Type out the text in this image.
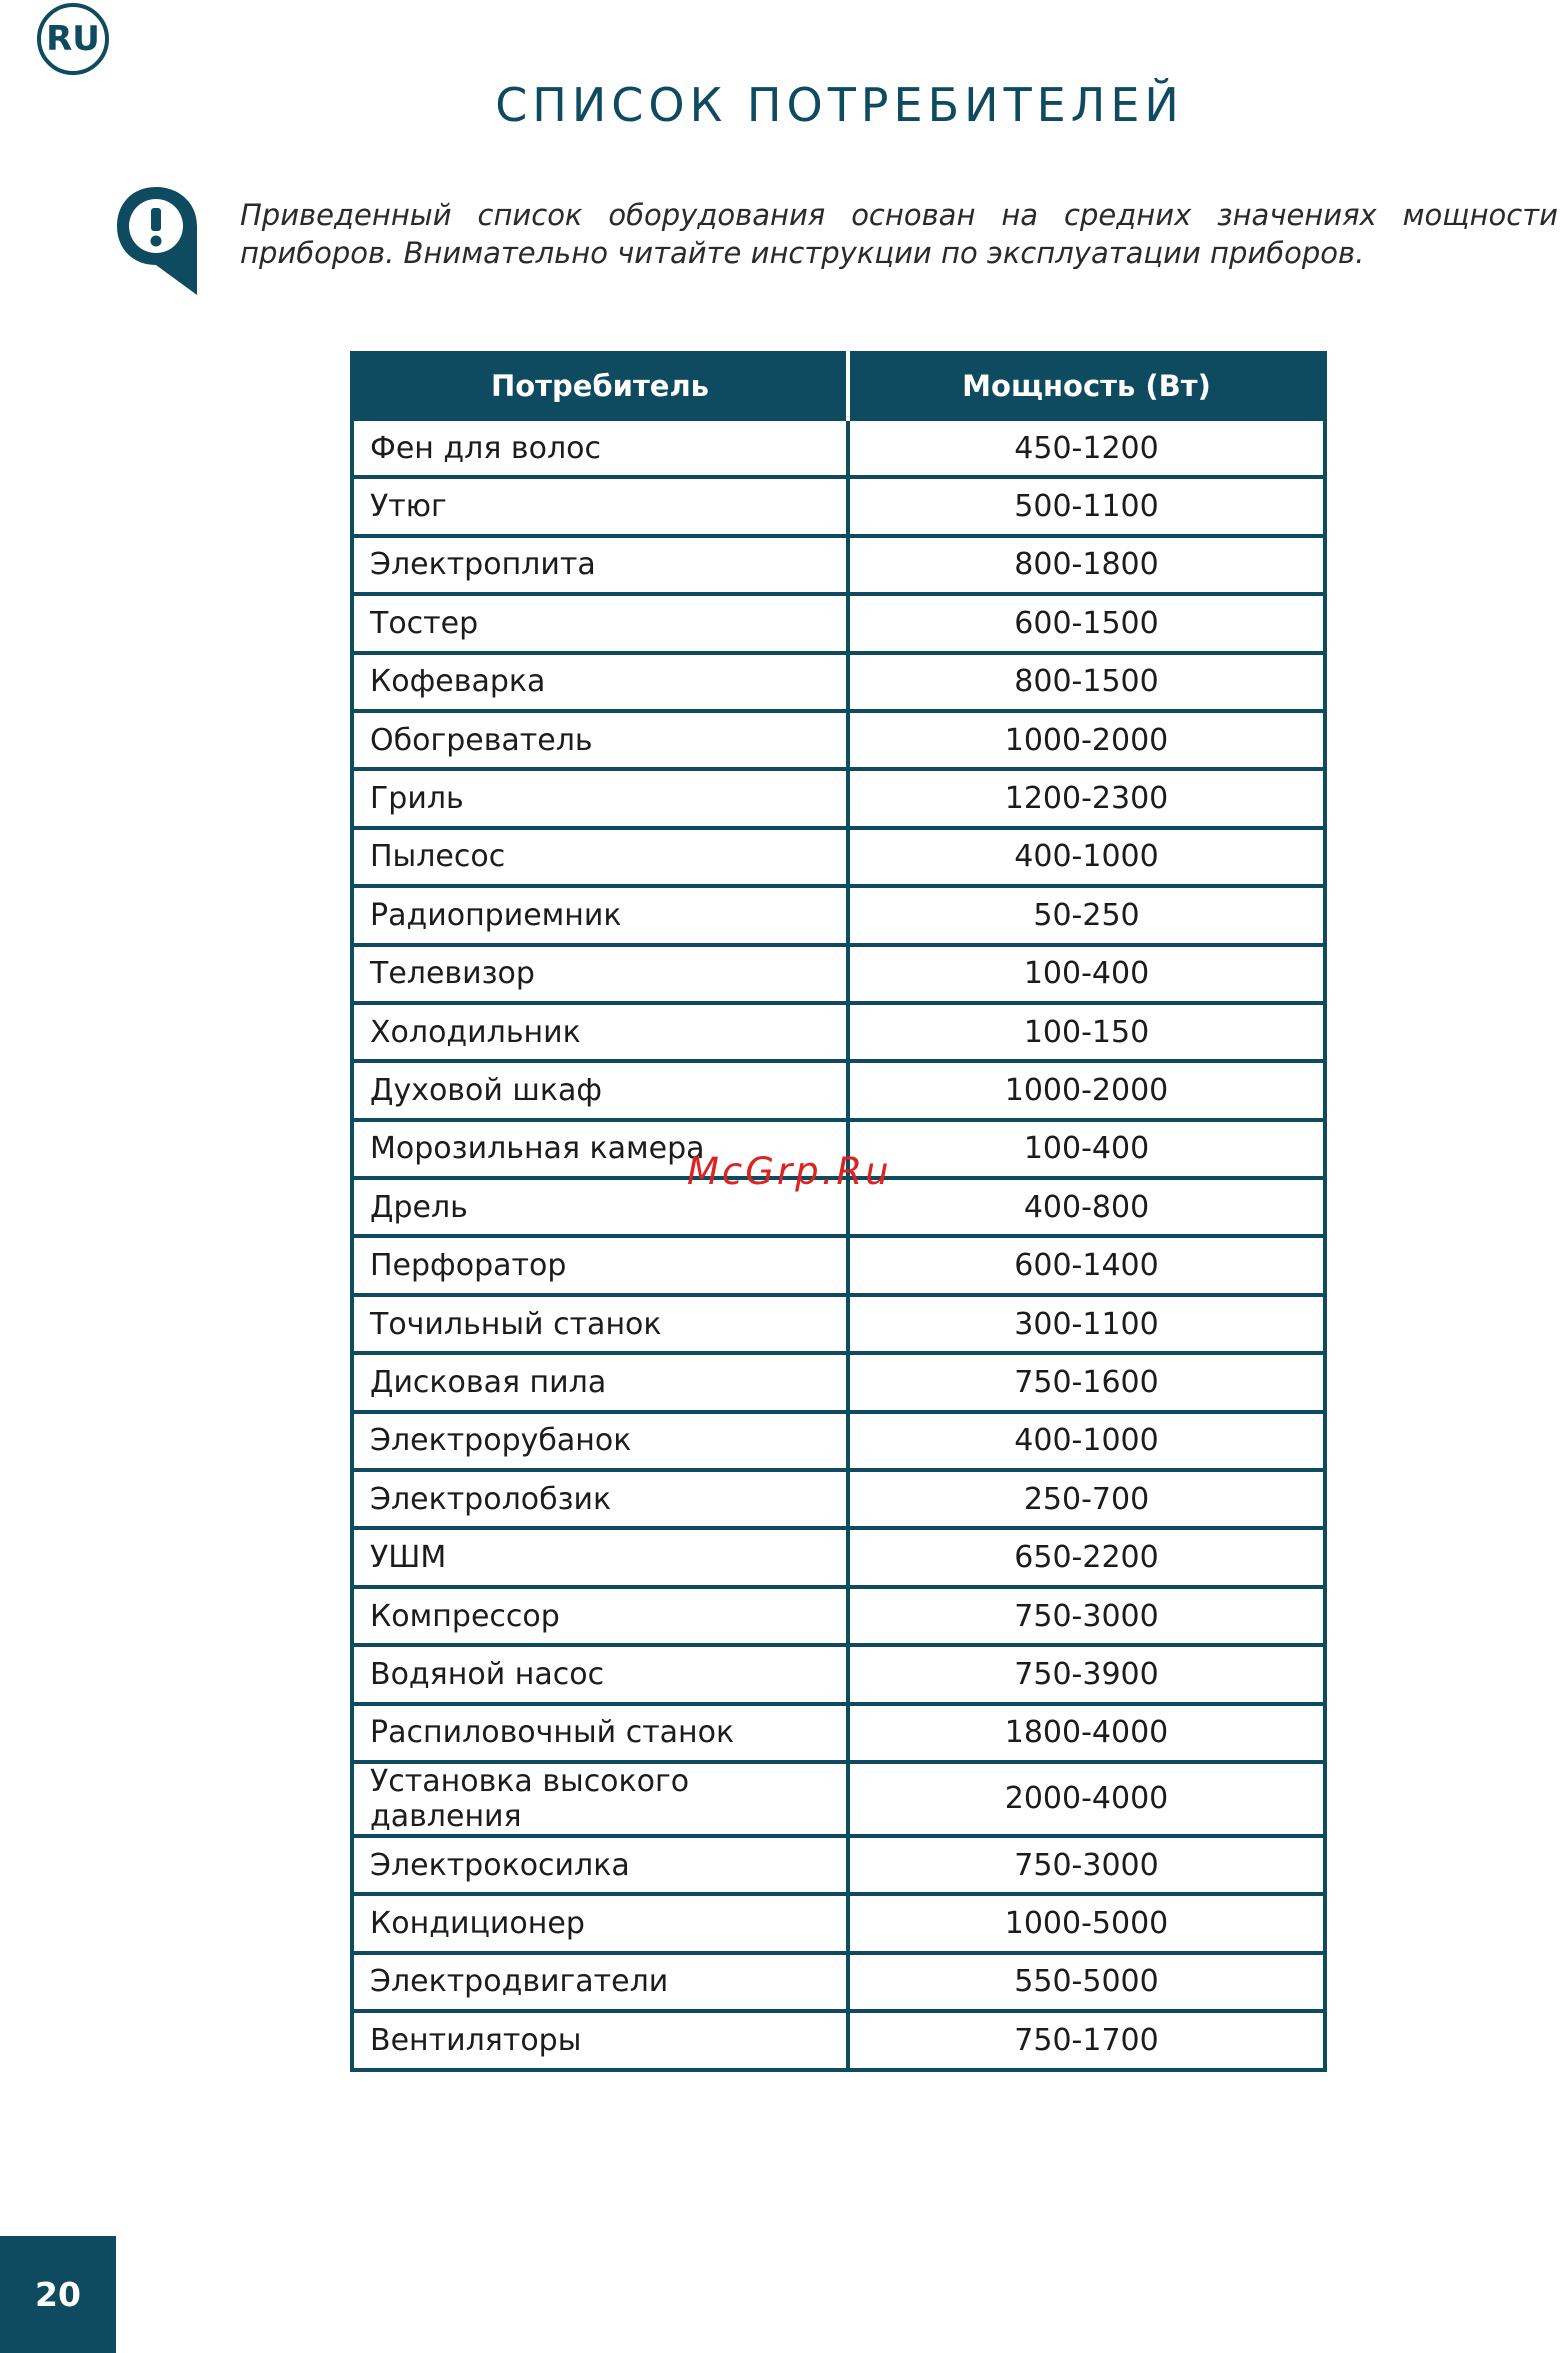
RU
СПИСОК ПОТРЕБИТЕЛЕЙ

Приведенный список оборудования основан на средних значениях мощности приборов. Внимательно читайте инструкции по эксплуатации приборов.

Потребитель	Мощность (Вт)
Фен для волос	450-1200
Утюг	500-1100
Электроплита	800-1800
Тостер	600-1500
Кофеварка	800-1500
Обогреватель	1000-2000
Гриль	1200-2300
Пылесос	400-1000
Радиоприемник	50-250
Телевизор	100-400
Холодильник	100-150
Духовой шкаф	1000-2000
Морозильная камера	100-400
Дрель	400-800
Перфоратор	600-1400
Точильный станок	300-1100
Дисковая пила	750-1600
Электрорубанок	400-1000
Электролобзик	250-700
УШМ	650-2200
Компрессор	750-3000
Водяной насос	750-3900
Распиловочный станок	1800-4000
Установка высокого давления	2000-4000
Электрокосилка	750-3000
Кондиционер	1000-5000
Электродвигатели	550-5000
Вентиляторы	750-1700
McGrp.Ru
20
